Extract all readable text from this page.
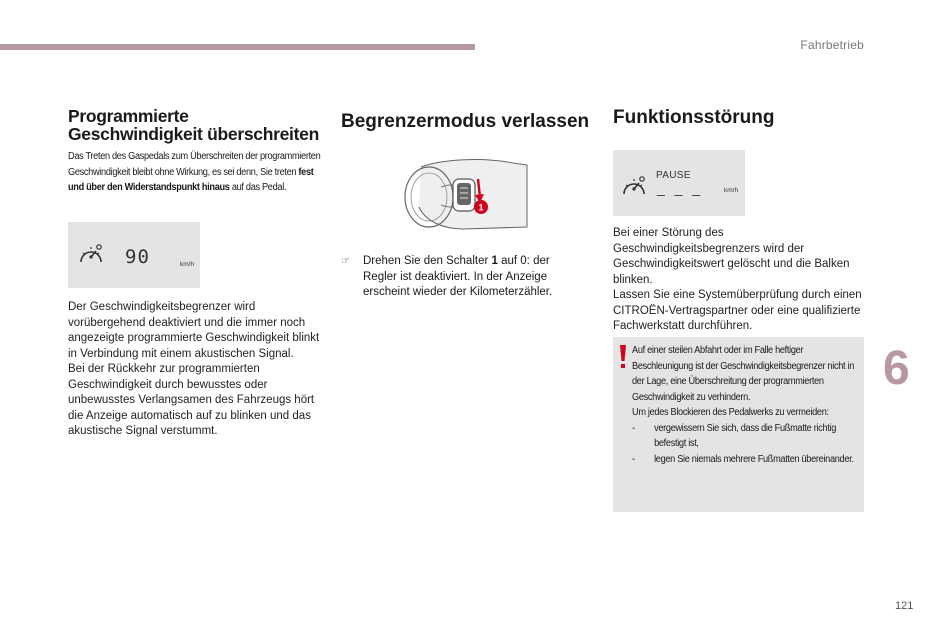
Fahrbetrieb
6
121
Programmierte Geschwindigkeit überschreiten
Das Treten des Gaspedals zum Überschreiten der programmierten Geschwindigkeit bleibt ohne Wirkung, es sei denn, Sie treten fest und über den Widerstandspunkt hinaus auf das Pedal.
90	km/h

Der Geschwindigkeitsbegrenzer wird vorübergehend deaktiviert und die immer noch angezeigte programmierte Geschwindigkeit blinkt in Verbindung mit einem akustischen Signal.

Bei der Rückkehr zur programmierten Geschwindigkeit durch bewusstes oder unbewusstes Verlangsamen des Fahrzeugs hört die Anzeige automatisch auf zu blinken und das akustische Signal verstummt.

Begrenzermodus verlassen
1
☞	Drehen Sie den Schalter 1 auf 0: der Regler ist deaktiviert. In der Anzeige erscheint wieder der Kilometerzähler.
Funktionsstörung
PAUSE
_ _ _	km/h

Bei einer Störung des Geschwindigkeitsbegrenzers wird der Geschwindigkeitswert gelöscht und die Balken blinken.

Lassen Sie eine Systemüberprüfung durch einen CITROËN-Vertragspartner oder eine qualifizierte Fachwerkstatt durchführen.

Auf einer steilen Abfahrt oder im Falle heftiger Beschleunigung ist der Geschwindigkeitsbegrenzer nicht in der Lage, eine Überschreitung der programmierten Geschwindigkeit zu verhindern.
Um jedes Blockieren des Pedalwerks zu vermeiden:
-	vergewissern Sie sich, dass die Fußmatte richtig befestigt ist,
-	legen Sie niemals mehrere Fußmatten übereinander.
